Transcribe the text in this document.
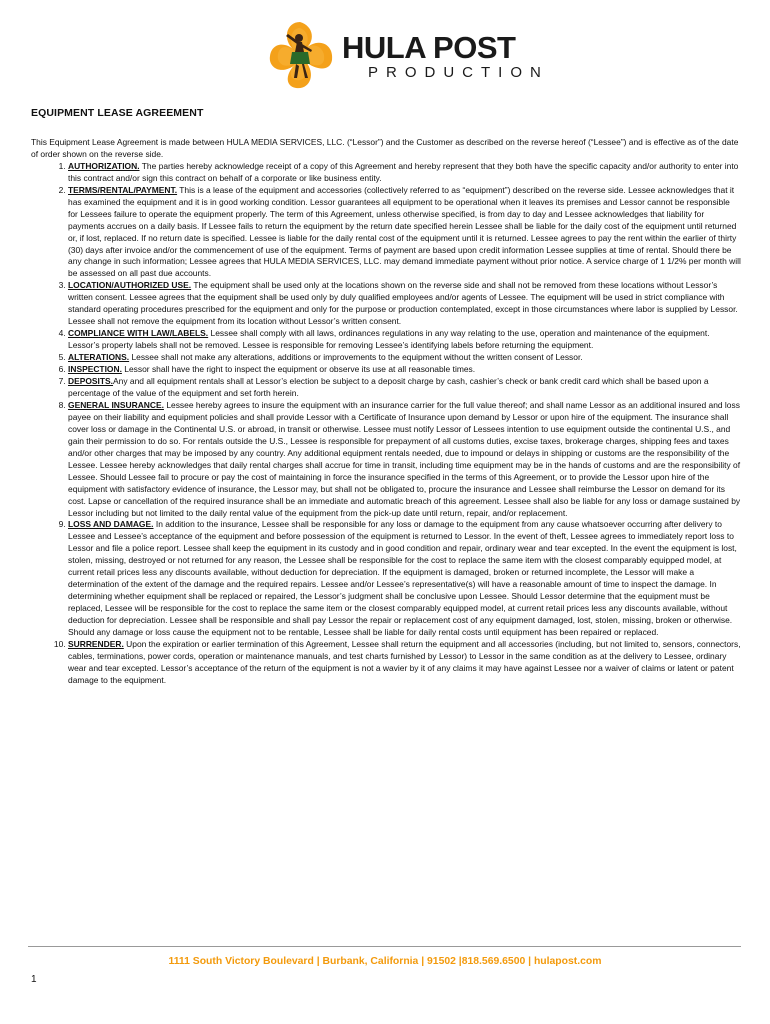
HULA POST
PRODUCTION
EQUIPMENT LEASE AGREEMENT

This Equipment Lease Agreement is made between HULA MEDIA SERVICES, LLC. (“Lessor”) and the Customer as described on the reverse hereof (“Lessee”) and is effective as of the date of order shown on the reverse side.

1. AUTHORIZATION. The parties hereby acknowledge receipt of a copy of this Agreement and hereby represent that they both have the specific capacity and/or authority to enter into this contract and/or sign this contract on behalf of a corporate or like business entity.
2. TERMS/RENTAL/PAYMENT. This is a lease of the equipment and accessories (collectively referred to as “equipment”) described on the reverse side. Lessee acknowledges that it has examined the equipment and it is in good working condition. Lessor guarantees all equipment to be operational when it leaves its premises and Lessor cannot be responsible for Lessees failure to operate the equipment properly. The term of this Agreement, unless otherwise specified, is from day to day and Lessee acknowledges that liability for payments accrues on a daily basis. If Lessee fails to return the equipment by the return date specified herein Lessee shall be liable for the daily cost of the equipment until returned or, if lost, replaced. If no return date is specified. Lessee is liable for the daily rental cost of the equipment until it is returned. Lessee agrees to pay the rent within the earlier of thirty (30) days after invoice and/or the commencement of use of the equipment. Terms of payment are based upon credit information Lessee supplies at time of rental. Should there be any change in such information; Lessee agrees that HULA MEDIA SERVICES, LLC. may demand immediate payment without prior notice. A service charge of 1 1/2% per month will be assessed on all past due accounts.
3. LOCATION/AUTHORIZED USE. The equipment shall be used only at the locations shown on the reverse side and shall not be removed from these locations without Lessor’s written consent. Lessee agrees that the equipment shall be used only by duly qualified employees and/or agents of Lessee. The equipment will be used in strict compliance with standard operating procedures prescribed for the equipment and only for the purpose or production contemplated, except in those circumstances where labor is supplied by Lessor. Lessee shall not remove the equipment from its location without Lessor’s written consent.
4. COMPLIANCE WITH LAW/LABELS. Lessee shall comply with all laws, ordinances regulations in any way relating to the use, operation and maintenance of the equipment. Lessor’s property labels shall not be removed. Lessee is responsible for removing Lessee’s identifying labels before returning the equipment.
5. ALTERATIONS. Lessee shall not make any alterations, additions or improvements to the equipment without the written consent of Lessor.
6. INSPECTION. Lessor shall have the right to inspect the equipment or observe its use at all reasonable times.
7. DEPOSITS.Any and all equipment rentals shall at Lessor’s election be subject to a deposit charge by cash, cashier’s check or bank credit card which shall be based upon a percentage of the value of the equipment and set forth herein.
8. GENERAL INSURANCE. Lessee hereby agrees to insure the equipment with an insurance carrier for the full value thereof; and shall name Lessor as an additional insured and loss payee on their liability and equipment policies and shall provide Lessor with a Certificate of Insurance upon demand by Lessor or upon hire of the equipment. The insurance shall cover loss or damage in the Continental U.S. or abroad, in transit or otherwise. Lessee must notify Lessor of Lessees intention to use equipment outside the continental U.S., and gain their permission to do so. For rentals outside the U.S., Lessee is responsible for prepayment of all customs duties, excise taxes, brokerage charges, shipping fees and taxes and/or other charges that may be imposed by any country. Any additional equipment rentals needed, due to impound or delays in shipping or customs are the responsibility of the Lessee. Lessee hereby acknowledges that daily rental charges shall accrue for time in transit, including time equipment may be in the hands of customs and are the responsibility of Lessee. Should Lessee fail to procure or pay the cost of maintaining in force the insurance specified in the terms of this Agreement, or to provide the Lessor upon hire of the equipment with satisfactory evidence of insurance, the Lessor may, but shall not be obligated to, procure the insurance and Lessee shall reimburse the Lessor on demand for its cost. Lapse or cancellation of the required insurance shall be an immediate and automatic breach of this agreement. Lessee shall also be liable for any loss or damage sustained by Lessor including but not limited to the daily rental value of the equipment from the pick-up date until return, repair, and/or replacement.
9. LOSS AND DAMAGE. In addition to the insurance, Lessee shall be responsible for any loss or damage to the equipment from any cause whatsoever occurring after delivery to Lessee and Lessee’s acceptance of the equipment and before possession of the equipment is returned to Lessor. In the event of theft, Lessee agrees to immediately report loss to Lessor and file a police report. Lessee shall keep the equipment in its custody and in good condition and repair, ordinary wear and tear excepted. In the event the equipment is lost, stolen, missing, destroyed or not returned for any reason, the Lessee shall be responsible for the cost to replace the same item with the closest comparably equipped model, at current retail prices less any discounts available, without deduction for depreciation. If the equipment is damaged, broken or returned incomplete, the Lessor will make a determination of the extent of the damage and the required repairs. Lessee and/or Lessee’s representative(s) will have a reasonable amount of time to inspect the damage. In determining whether equipment shall be replaced or repaired, the Lessor’s judgment shall be conclusive upon Lessee. Should Lessor determine that the equipment must be replaced, Lessee will be responsible for the cost to replace the same item or the closest comparably equipped model, at current retail prices less any discounts available, without deduction for depreciation. Lessee shall be responsible and shall pay Lessor the repair or replacement cost of any equipment damaged, lost, stolen, missing, broken or otherwise. Should any damage or loss cause the equipment not to be rentable, Lessee shall be liable for daily rental costs until equipment has been repaired or replaced.
10. SURRENDER. Upon the expiration or earlier termination of this Agreement, Lessee shall return the equipment and all accessories (including, but not limited to, sensors, connectors, cables, terminations, power cords, operation or maintenance manuals, and test charts furnished by Lessor) to Lessor in the same condition as at the delivery to Lessee, ordinary wear and tear excepted. Lessor’s acceptance of the return of the equipment is not a wavier by it of any claims it may have against Lessee nor a waiver of claims or latent or patent damage to the equipment.
1111 South Victory Boulevard | Burbank, California | 91502 |818.569.6500 | hulapost.com
1
